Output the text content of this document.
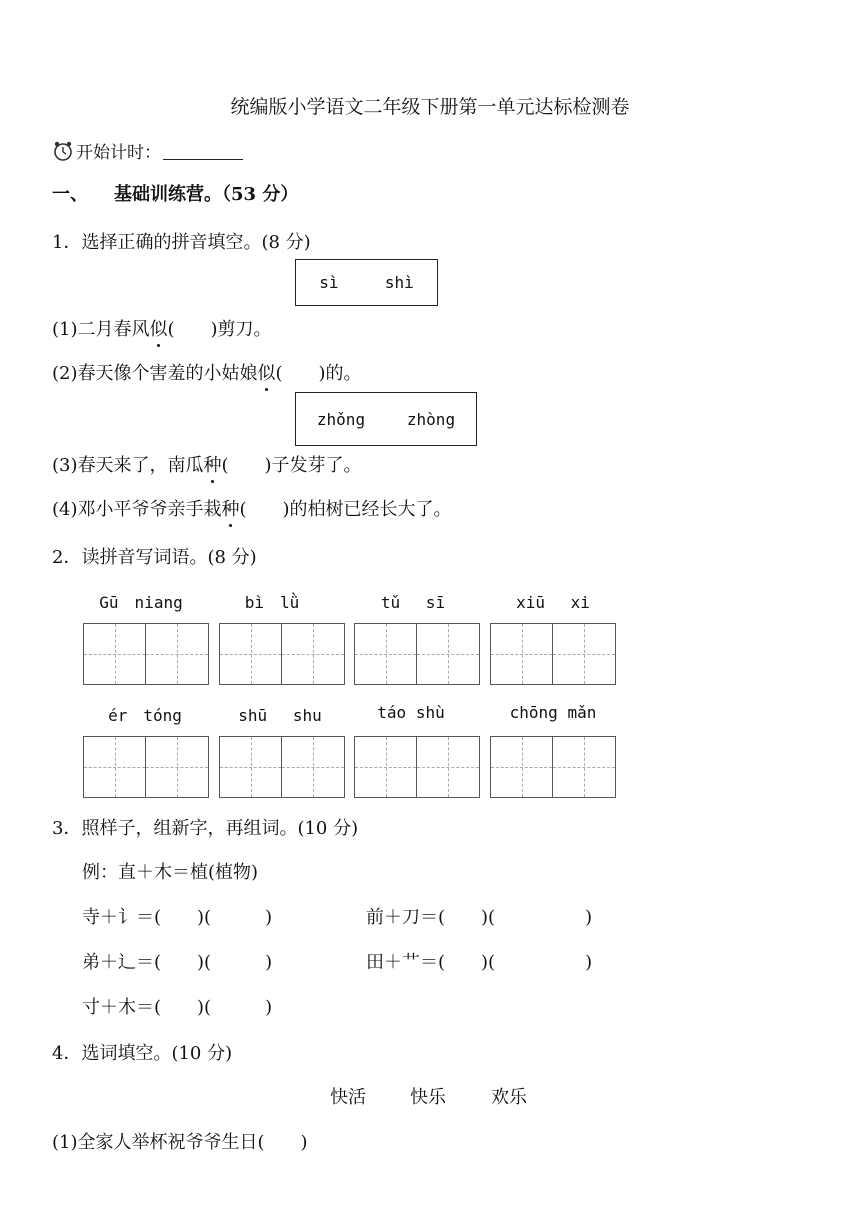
统编版小学语文二年级下册第一单元达标检测卷
开始计时：
一、 基础训练营。（53 分）
1．选择正确的拼音填空。(8 分)
sì	shì
(1)二月春风似(　　)剪刀。
(2)春天像个害羞的小姑娘似(　　)的。
zhǒng	zhòng
(3)春天来了，南瓜种(　　)子发芽了。
(4)邓小平爷爷亲手栽种(　　)的柏树已经长大了。
2．读拼音写词语。(8 分)
Gū　niang	bì　lǜ	tǔ　 sī	xiū　 xi
ér　tóng	shū　 shu	táo shù	chōng mǎn
3．照样子，组新字，再组词。(10 分)
例：直＋木＝植(植物)
寺＋讠＝(　　)(　　　)	前＋刀＝(　　)(　　　　　)
弟＋辶＝(　　)(　　　)	田＋艹＝(　　)(　　　　　)
寸＋木＝(　　)(　　　)
4．选词填空。(10 分)
快活 快乐	欢乐
(1)全家人举杯祝爷爷生日(　　)
